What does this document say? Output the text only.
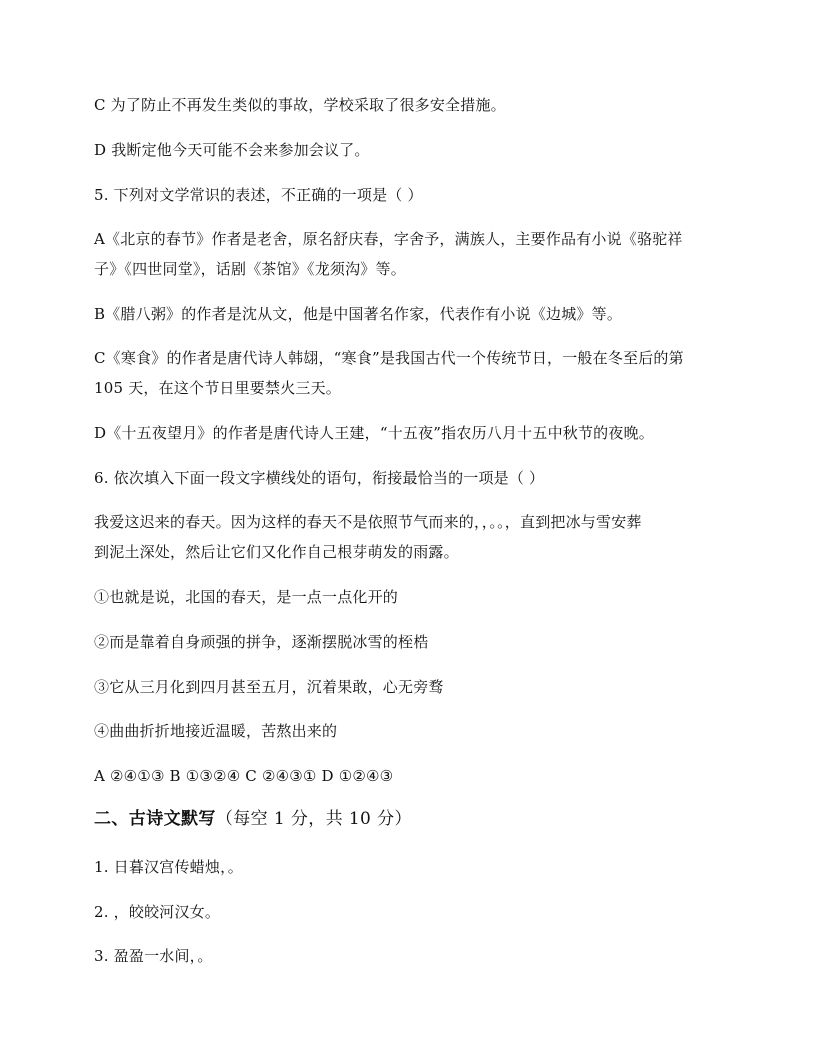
C 为了防止不再发生类似的事故，学校采取了很多安全措施。
D 我断定他今天可能不会来参加会议了。
5. 下列对文学常识的表述，不正确的一项是（ ）
A《北京的春节》作者是老舍，原名舒庆春，字舍予，满族人，主要作品有小说《骆驼祥
子》《四世同堂》，话剧《茶馆》《龙须沟》等。
B《腊八粥》的作者是沈从文，他是中国著名作家，代表作有小说《边城》等。
C《寒食》的作者是唐代诗人韩翃，“寒食”是我国古代一个传统节日，一般在冬至后的第
105 天，在这个节日里要禁火三天。
D《十五夜望月》的作者是唐代诗人王建，“十五夜”指农历八月十五中秋节的夜晚。
6. 依次填入下面一段文字横线处的语句，衔接最恰当的一项是（ ）
我爱这迟来的春天。因为这样的春天不是依照节气而来的，，。。，直到把冰与雪安葬
到泥土深处，然后让它们又化作自己根芽萌发的雨露。
①也就是说，北国的春天，是一点一点化开的
②而是靠着自身顽强的拼争，逐渐摆脱冰雪的桎梏
③它从三月化到四月甚至五月，沉着果敢，心无旁骛
④曲曲折折地接近温暖，苦熬出来的
A ②④①③ B ①③②④ C ②④③① D ①②④③
二、古诗文默写（每空 1 分，共 10 分）
1. 日暮汉宫传蜡烛，。
2. ，皎皎河汉女。
3. 盈盈一水间，。
